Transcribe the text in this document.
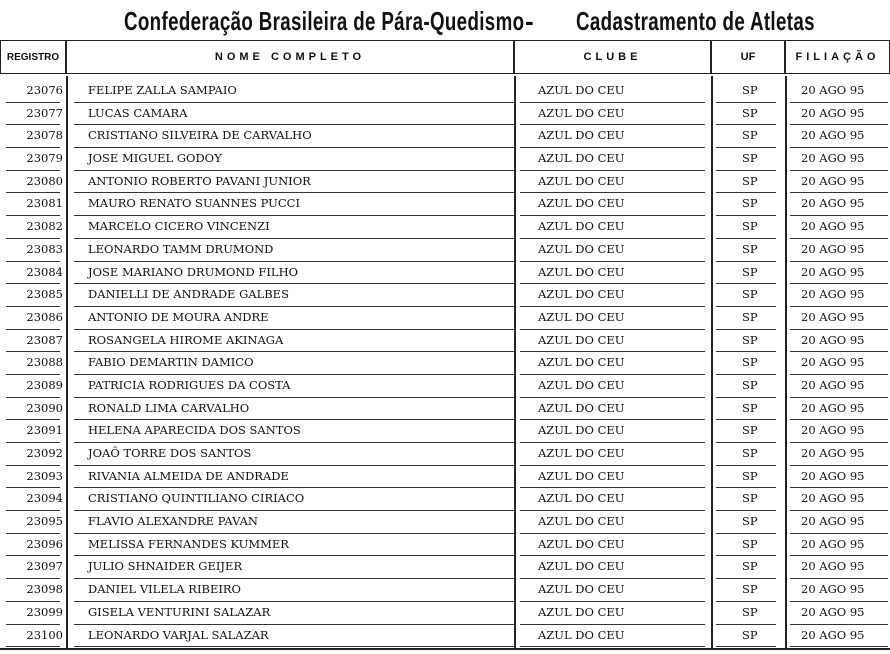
Confederação Brasileira de Pára-Quedismo - Cadastramento de Atletas
REGISTRO	NOME COMPLETO	CLUBE	UF	FILIAÇÃO
23076 FELIPE ZALLA SAMPAIO	AZUL DO CEU	SP	20 AGO 95
23077 LUCAS CAMARA	AZUL DO CEU	SP	20 AGO 95
23078 CRISTIANO SILVEIRA DE CARVALHO	AZUL DO CEU	SP	20 AGO 95
23079 JOSE MIGUEL GODOY	AZUL DO CEU	SP	20 AGO 95
23080 ANTONIO ROBERTO PAVANI JUNIOR	AZUL DO CEU	SP	20 AGO 95
23081 MAURO RENATO SUANNES PUCCI	AZUL DO CEU	SP	20 AGO 95
23082 MARCELO CICERO VINCENZI	AZUL DO CEU	SP	20 AGO 95
23083 LEONARDO TAMM DRUMOND	AZUL DO CEU	SP	20 AGO 95
23084 JOSE MARIANO DRUMOND FILHO	AZUL DO CEU	SP	20 AGO 95
23085 DANIELLI DE ANDRADE GALBES	AZUL DO CEU	SP	20 AGO 95
23086 ANTONIO DE MOURA ANDRE	AZUL DO CEU	SP	20 AGO 95
23087 ROSANGELA HIROME AKINAGA	AZUL DO CEU	SP	20 AGO 95
23088 FABIO DEMARTIN DAMICO	AZUL DO CEU	SP	20 AGO 95
23089 PATRICIA RODRIGUES DA COSTA	AZUL DO CEU	SP	20 AGO 95
23090 RONALD LIMA CARVALHO	AZUL DO CEU	SP	20 AGO 95
23091 HELENA APARECIDA DOS SANTOS	AZUL DO CEU	SP	20 AGO 95
23092 JOAÕ TORRE DOS SANTOS	AZUL DO CEU	SP	20 AGO 95
23093 RIVANIA ALMEIDA DE ANDRADE	AZUL DO CEU	SP	20 AGO 95
23094 CRISTIANO QUINTILIANO CIRIACO	AZUL DO CEU	SP	20 AGO 95
23095 FLAVIO ALEXANDRE PAVAN	AZUL DO CEU	SP	20 AGO 95
23096 MELISSA FERNANDES KUMMER	AZUL DO CEU	SP	20 AGO 95
23097 JULIO SHNAIDER GEIJER	AZUL DO CEU	SP	20 AGO 95
23098 DANIEL VILELA RIBEIRO	AZUL DO CEU	SP	20 AGO 95
23099 GISELA VENTURINI SALAZAR	AZUL DO CEU	SP	20 AGO 95
23100 LEONARDO VARJAL SALAZAR	AZUL DO CEU	SP	20 AGO 95
